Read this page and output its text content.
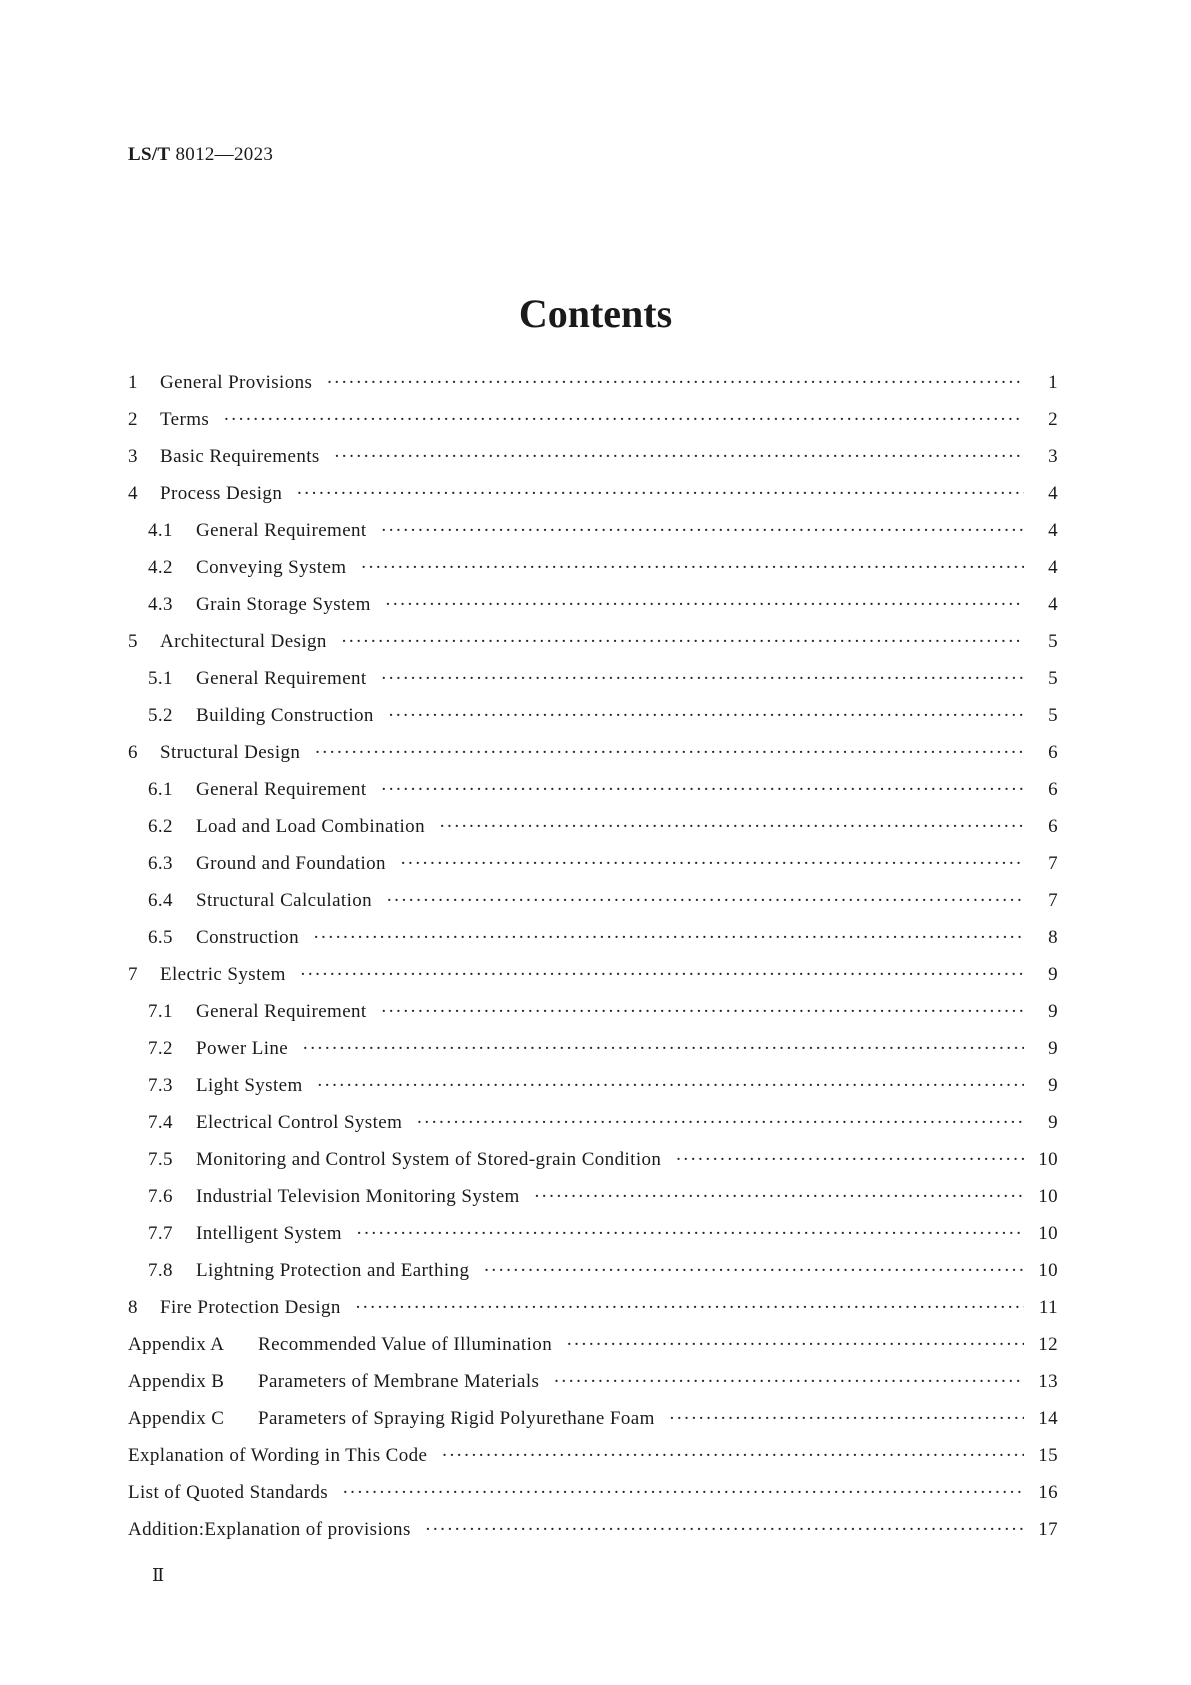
LS/T 8012—2023
Contents
1	General Provisions ·····	1
2	Terms ·····	2
3	Basic Requirements ·····	3
4	Process Design ·····	4
4.1	General Requirement ·····	4
4.2	Conveying System ·····	4
4.3	Grain Storage System ·····	4
5	Architectural Design ·····	5
5.1	General Requirement ·····	5
5.2	Building Construction ·····	5
6	Structural Design ·····	6
6.1	General Requirement ·····	6
6.2	Load and Load Combination ·····	6
6.3	Ground and Foundation ·····	7
6.4	Structural Calculation ·····	7
6.5	Construction ·····	8
7	Electric System ·····	9
7.1	General Requirement ·····	9
7.2	Power Line ·····	9
7.3	Light System ·····	9
7.4	Electrical Control System ·····	9
7.5	Monitoring and Control System of Stored-grain Condition ·····	10
7.6	Industrial Television Monitoring System ·····	10
7.7	Intelligent System ·····	10
7.8	Lightning Protection and Earthing ·····	10
8	Fire Protection Design ·····	11
Appendix A	Recommended Value of Illumination ·····	12
Appendix B	Parameters of Membrane Materials ·····	13
Appendix C	Parameters of Spraying Rigid Polyurethane Foam ·····	14
Explanation of Wording in This Code ·····	15
List of Quoted Standards ·····	16
Addition:Explanation of provisions ·····	17
Ⅱ
